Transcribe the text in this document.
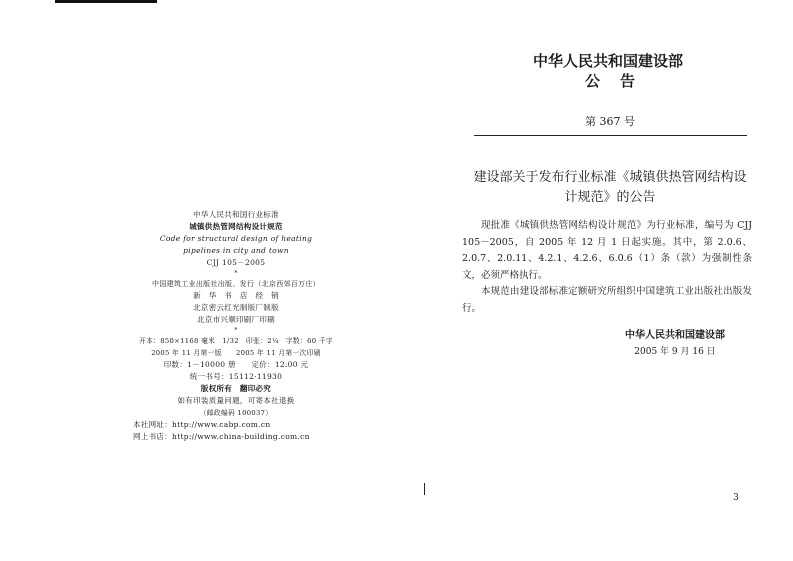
中华人民共和国行业标准
城镇供热管网结构设计规范
Code for structural design of heating
pipelines in city and town
CJJ 105－2005
*
中国建筑工业出版社出版、发行（北京西郊百万庄）
新　华　书　店　经　销
北京密云红光制版厂制版
北京市兴顺印刷厂印刷
*
开本：850×1168 毫米　1/32　印张：2¼　字数：60 千字
2005 年 11 月第一版　　2005 年 11 月第一次印刷
印数：1－10000 册　　定价：12.00 元
统一书号：15112·11930
版权所有　翻印必究
如有印装质量问题，可寄本社退换
（邮政编码 100037）
本社网址：http://www.cabp.com.cn
网上书店：http://www.china-building.com.cn
中华人民共和国建设部
公告
第 367 号
建设部关于发布行业标准《城镇供热管网结构设计规范》的公告

现批准《城镇供热管网结构设计规范》为行业标准，编号为 CJJ 105－2005，自 2005 年 12 月 1 日起实施。其中，第 2.0.6、2.0.7、2.0.11、4.2.1、4.2.6、6.0.6（1）条（款）为强制性条文，必须严格执行。

本规范由建设部标准定额研究所组织中国建筑工业出版社出版发行。

中华人民共和国建设部
2005 年 9 月 16 日
3
